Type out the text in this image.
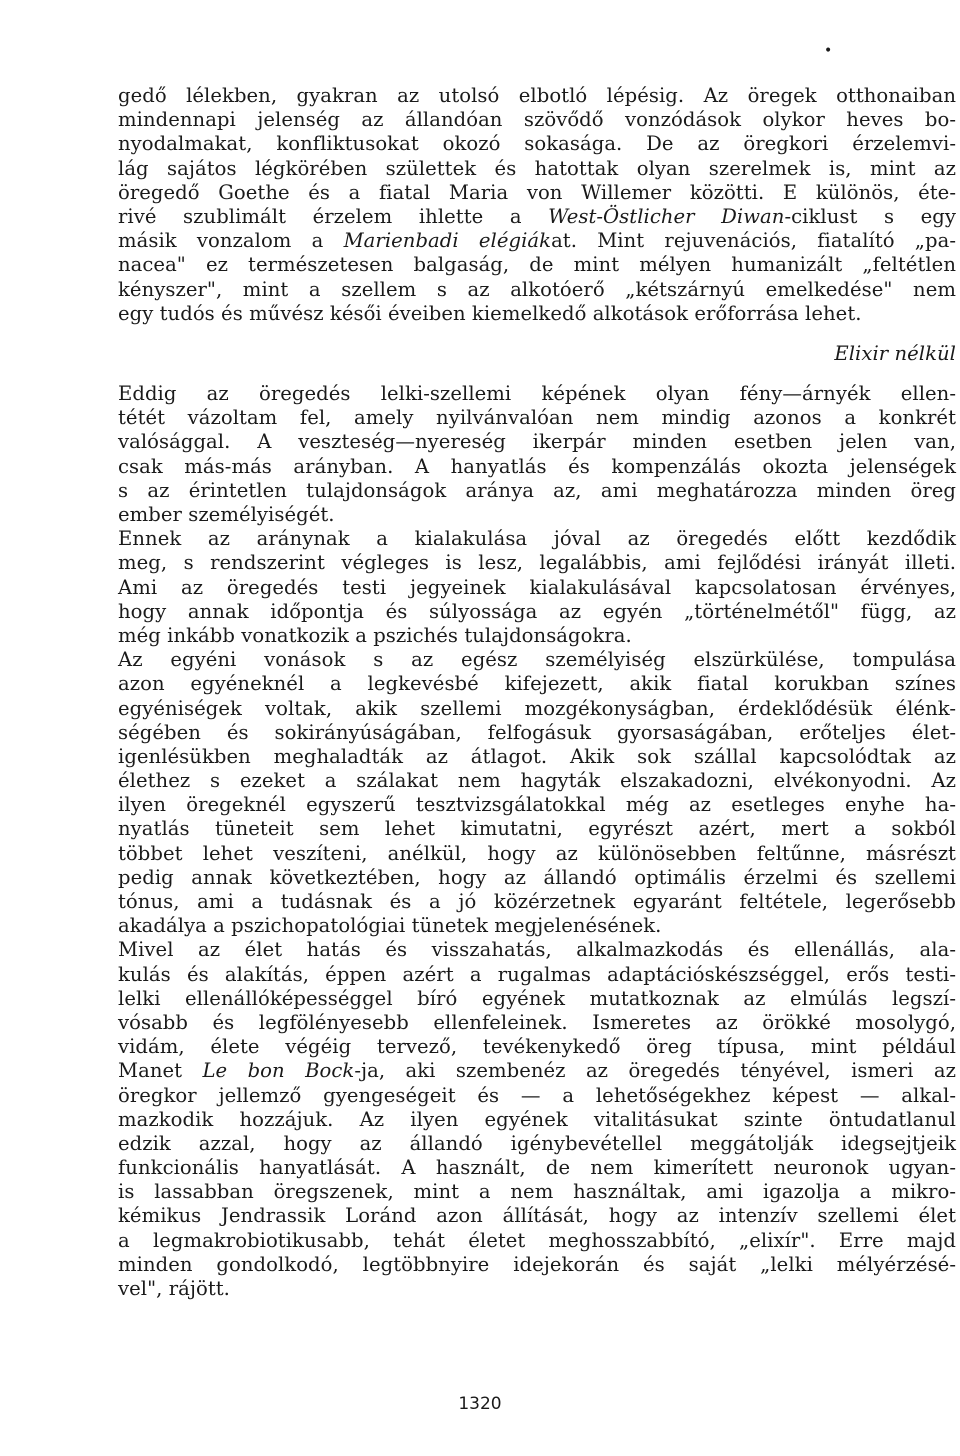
•
gedő lélekben, gyakran az utolsó elbotló lépésig. Az öregek otthonaiban
mindennapi jelenség az állandóan szövődő vonzódások olykor heves bo-
nyodalmakat, konfliktusokat okozó sokasága. De az öregkori érzelemvi-
lág sajátos légkörében születtek és hatottak olyan szerelmek is, mint az
öregedő Goethe és a fiatal Maria von Willemer közötti. E különös, éte-
rivé szublimált érzelem ihlette a West-Östlicher Diwan-ciklust s egy
másik vonzalom a Marienbadi elégiákat. Mint rejuvenációs, fiatalító „pa-
nacea" ez természetesen balgaság, de mint mélyen humanizált „feltétlen
kényszer", mint a szellem s az alkotóerő „kétszárnyú emelkedése" nem
egy tudós és művész késői éveiben kiemelkedő alkotások erőforrása lehet.
Elixir nélkül
Eddig az öregedés lelki-szellemi képének olyan fény—árnyék ellen-
tétét vázoltam fel, amely nyilvánvalóan nem mindig azonos a konkrét
valósággal. A veszteség—nyereség ikerpár minden esetben jelen van,
csak más-más arányban. A hanyatlás és kompenzálás okozta jelenségek
s az érintetlen tulajdonságok aránya az, ami meghatározza minden öreg
ember személyiségét.
Ennek az aránynak a kialakulása jóval az öregedés előtt kezdődik
meg, s rendszerint végleges is lesz, legalábbis, ami fejlődési irányát illeti.
Ami az öregedés testi jegyeinek kialakulásával kapcsolatosan érvényes,
hogy annak időpontja és súlyossága az egyén „történelmétől" függ, az
még inkább vonatkozik a pszichés tulajdonságokra.
Az egyéni vonások s az egész személyiség elszürkülése, tompulása
azon egyéneknél a legkevésbé kifejezett, akik fiatal korukban színes
egyéniségek voltak, akik szellemi mozgékonyságban, érdeklődésük élénk-
ségében és sokirányúságában, felfogásuk gyorsaságában, erőteljes élet-
igenlésükben meghaladták az átlagot. Akik sok szállal kapcsolódtak az
élethez s ezeket a szálakat nem hagyták elszakadozni, elvékonyodni. Az
ilyen öregeknél egyszerű tesztvizsgálatokkal még az esetleges enyhe ha-
nyatlás tüneteit sem lehet kimutatni, egyrészt azért, mert a sokból
többet lehet veszíteni, anélkül, hogy az különösebben feltűnne, másrészt
pedig annak következtében, hogy az állandó optimális érzelmi és szellemi
tónus, ami a tudásnak és a jó közérzetnek egyaránt feltétele, legerősebb
akadálya a pszichopatológiai tünetek megjelenésének.
Mivel az élet hatás és visszahatás, alkalmazkodás és ellenállás, ala-
kulás és alakítás, éppen azért a rugalmas adaptációskészséggel, erős testi-
lelki ellenállóképességgel bíró egyének mutatkoznak az elmúlás legszí-
vósabb és legfölényesebb ellenfeleinek. Ismeretes az örökké mosolygó,
vidám, élete végéig tervező, tevékenykedő öreg típusa, mint például
Manet Le bon Bock-ja, aki szembenéz az öregedés tényével, ismeri az
öregkor jellemző gyengeségeit és — a lehetőségekhez képest — alkal-
mazkodik hozzájuk. Az ilyen egyének vitalitásukat szinte öntudatlanul
edzik azzal, hogy az állandó igénybevétellel meggátolják idegsejtjeik
funkcionális hanyatlását. A használt, de nem kimerített neuronok ugyan-
is lassabban öregszenek, mint a nem használtak, ami igazolja a mikro-
kémikus Jendrassik Loránd azon állítását, hogy az intenzív szellemi élet
a legmakrobiotikusabb, tehát életet meghosszabbító, „elixír". Erre majd
minden gondolkodó, legtöbbnyire idejekorán és saját „lelki mélyérzésé-
vel", rájött.
1320
